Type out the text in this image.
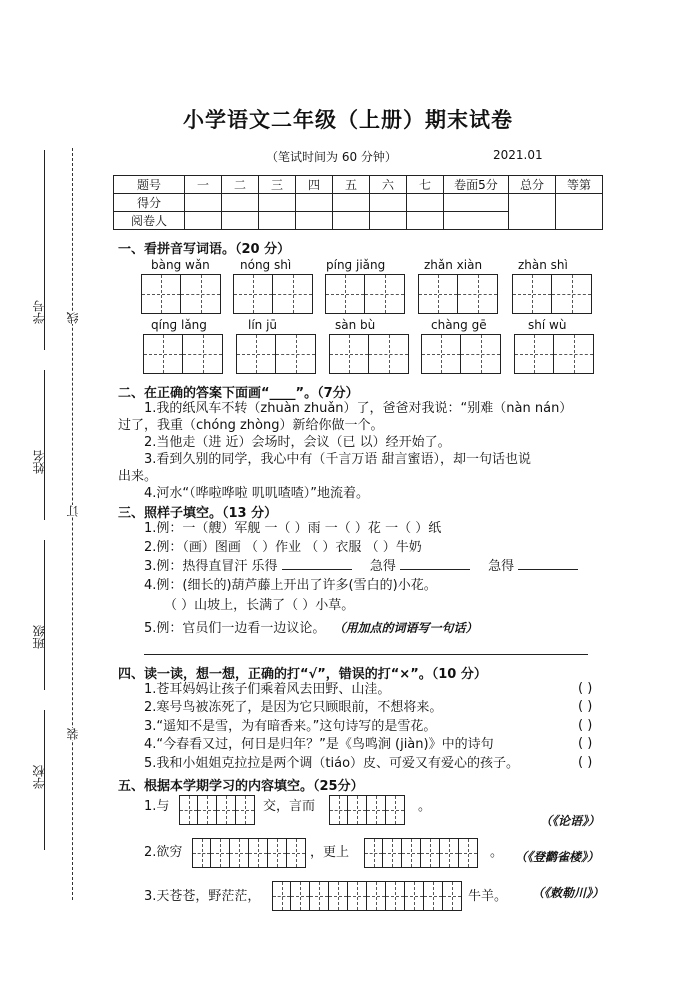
小学语文二年级（上册）期末试卷
（笔试时间为 60 分钟）	2021.01
学号
姓名
班级
学校
线
订
装
题号	一	二	三	四	五	六	七	卷面5分	总分	等第
得分										
阅卷人										
一、看拼音写词语。（20 分）
bàng wǎn	nóng shì	pínɡ jiǎng	zhǎn xiàn	zhàn shì
qínɡ lǎng	lín jū	sàn bù	chàng gē	shí wù
二、在正确的答案下面画“____”。（7分）
1.我的纸风车不转（zhuàn zhuǎn）了，爸爸对我说：“别难（nàn nán）
过了，我重（chóng zhòng）新给你做一个。
2.当他走（进 近）会场时，会议（已 以）经开始了。
3.看到久别的同学，我心中有（千言万语 甜言蜜语），却一句话也说
出来。
4.河水“（哗啦哗啦 叽叽喳喳）”地流着。
三、照样子填空。（13 分）
1.例：一（艘）军舰 一（ ）雨 一（ ）花 一（ ）纸
2.例：（画）图画 （ ）作业 （ ）衣服 （ ）牛奶
3.例：热得直冒汗 乐得	急得	急得
4.例：(细长的)葫芦藤上开出了许多(雪白的)小花。
（ ）山坡上，长满了（ ）小草。
5.例：官员们一边看一边议论。 （用加点的词语写一句话）
四、读一读，想一想，正确的打“√”，错误的打“×”。（10 分）
1.苍耳妈妈让孩子们乘着风去田野、山洼。	( )
2.寒号鸟被冻死了，是因为它只顾眼前，不想将来。	( )
3.“遥知不是雪，为有暗香来。”这句诗写的是雪花。	( )
4.“今春看又过，何日是归年？”是《鸟鸣涧 (jiàn)》中的诗句	( )
5.我和小姐姐克拉拉是两个调（tiáo）皮、可爱又有爱心的孩子。	( )
五、根据本学期学习的内容填空。（25分）
1.与	交，言而	。
（《论语》）
2.欲穷	，更上	。 （《登鹳雀楼》）
3.天苍苍，野茫茫，	牛羊。 （《敕勒川》）
